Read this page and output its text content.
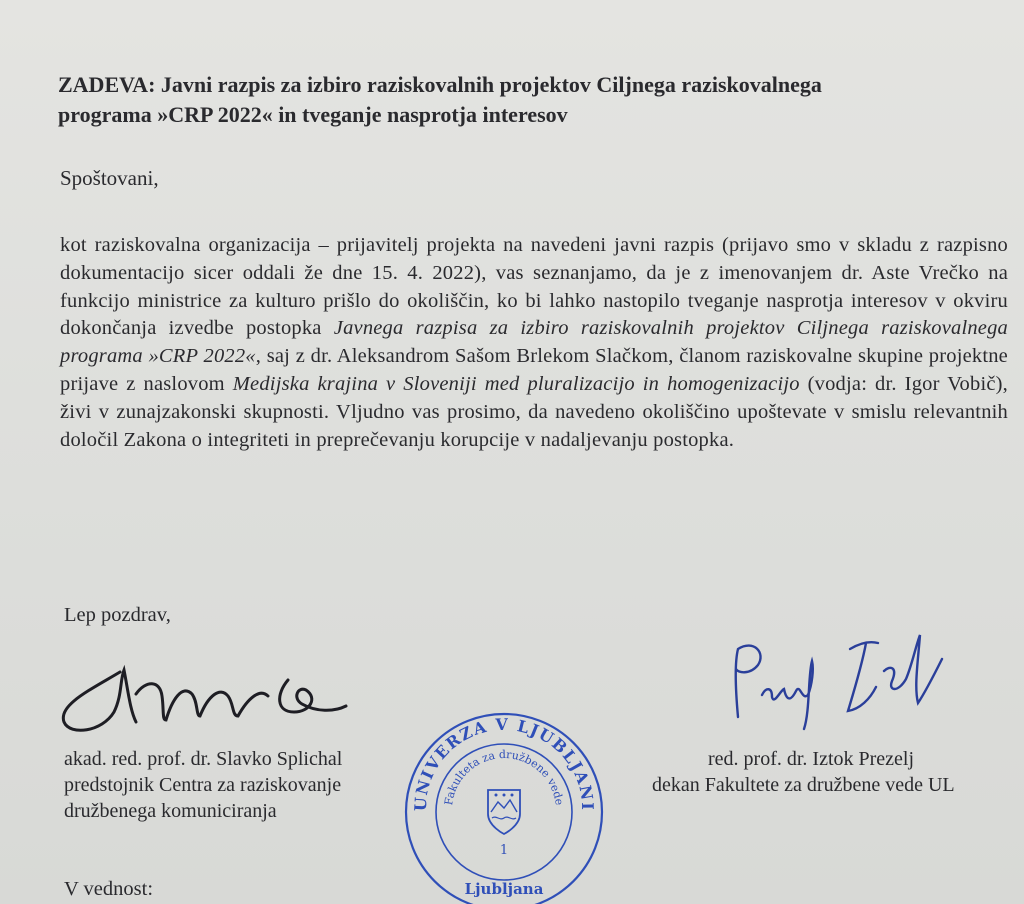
ZADEVA: Javni razpis za izbiro raziskovalnih projektov Ciljnega raziskovalnega
programa »CRP 2022« in tveganje nasprotja interesov

Spoštovani,

kot raziskovalna organizacija – prijavitelj projekta na navedeni javni razpis (prijavo smo v skladu z razpisno dokumentacijo sicer oddali že dne 15. 4. 2022), vas seznanjamo, da je z imenovanjem dr. Aste Vrečko na funkcijo ministrice za kulturo prišlo do okoliščin, ko bi lahko nastopilo tveganje nasprotja interesov v okviru dokončanja izvedbe postopka Javnega razpisa za izbiro raziskovalnih projektov Ciljnega raziskovalnega programa »CRP 2022«, saj z dr. Aleksandrom Sašom Brlekom Slačkom, članom raziskovalne skupine projektne prijave z naslovom Medijska krajina v Sloveniji med pluralizacijo in homogenizacijo (vodja: dr. Igor Vobič), živi v zunajzakonski skupnosti. Vljudno vas prosimo, da navedeno okoliščino upoštevate v smislu relevantnih določil Zakona o integriteti in preprečevanju korupcije v nadaljevanju postopka.

Lep pozdrav,

UNIVERZA V LJUBLJANI
Fakulteta za družbene vede
1
Ljubljana
akad. red. prof. dr. Slavko Splichal
predstojnik Centra za raziskovanje
družbenega komuniciranja
red. prof. dr. Iztok Prezelj
dekan Fakultete za družbene vede UL

V vednost:
